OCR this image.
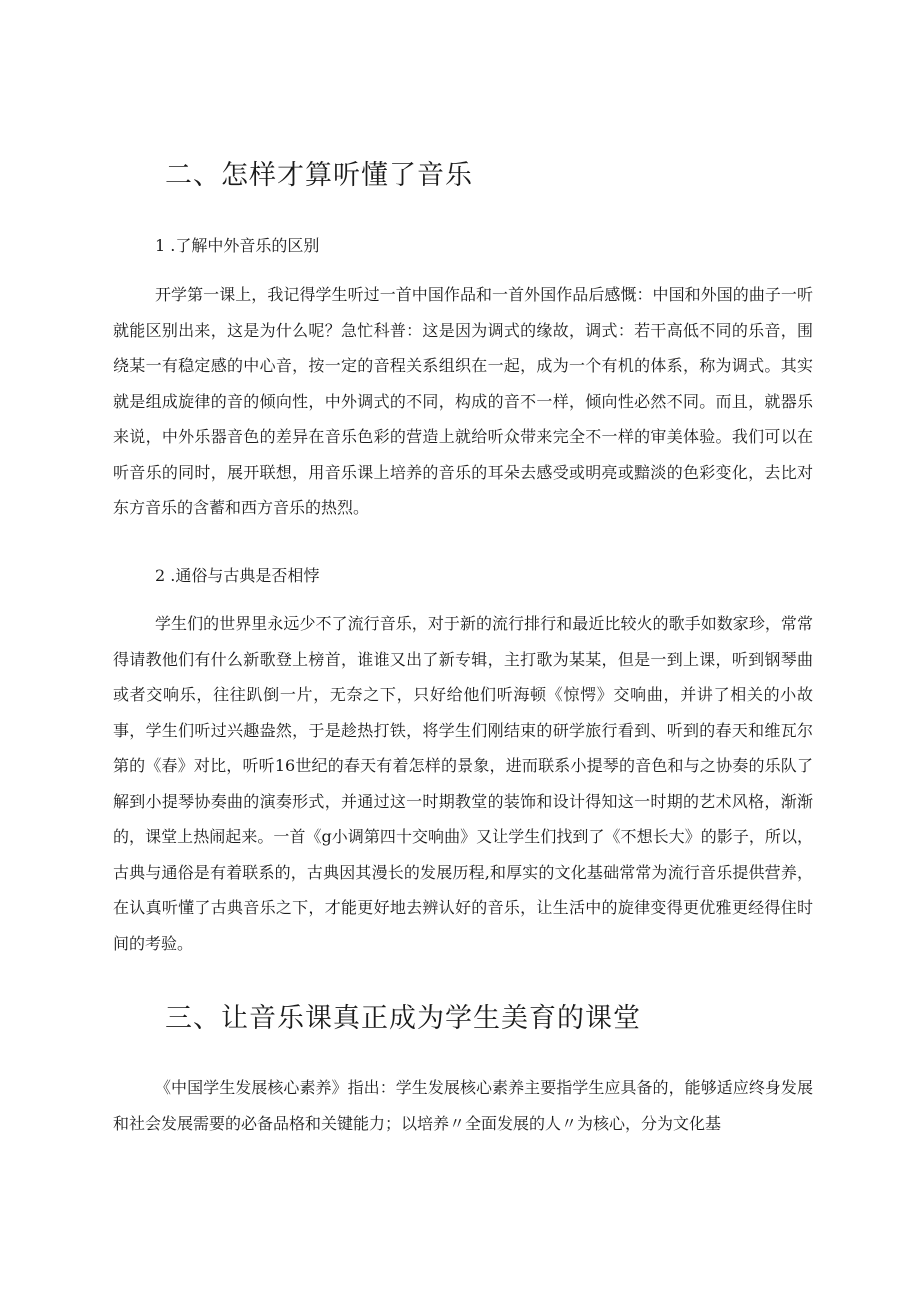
二、怎样才算听懂了音乐
1 .了解中外音乐的区别

开学第一课上，我记得学生听过一首中国作品和一首外国作品后感慨：中国和外国的曲子一听就能区别出来，这是为什么呢？急忙科普：这是因为调式的缘故，调式：若干高低不同的乐音，围绕某一有稳定感的中心音，按一定的音程关系组织在一起，成为一个有机的体系，称为调式。其实就是组成旋律的音的倾向性，中外调式的不同，构成的音不一样，倾向性必然不同。而且，就器乐来说，中外乐器音色的差异在音乐色彩的营造上就给听众带来完全不一样的审美体验。我们可以在听音乐的同时，展开联想，用音乐课上培养的音乐的耳朵去感受或明亮或黯淡的色彩变化，去比对东方音乐的含蓄和西方音乐的热烈。

2 .通俗与古典是否相悖

学生们的世界里永远少不了流行音乐，对于新的流行排行和最近比较火的歌手如数家珍，常常得请教他们有什么新歌登上榜首，谁谁又出了新专辑，主打歌为某某，但是一到上课，听到钢琴曲或者交响乐，往往趴倒一片，无奈之下，只好给他们听海顿《惊愕》交响曲，并讲了相关的小故事，学生们听过兴趣盎然，于是趁热打铁，将学生们刚结束的研学旅行看到、听到的春天和维瓦尔第的《春》对比，听听16世纪的春天有着怎样的景象，进而联系小提琴的音色和与之协奏的乐队了解到小提琴协奏曲的演奏形式，并通过这一时期教堂的装饰和设计得知这一时期的艺术风格，渐渐的，课堂上热闹起来。一首《g小调第四十交响曲》又让学生们找到了《不想长大》的影子，所以，古典与通俗是有着联系的，古典因其漫长的发展历程,和厚实的文化基础常常为流行音乐提供营养，在认真听懂了古典音乐之下，才能更好地去辨认好的音乐，让生活中的旋律变得更优雅更经得住时间的考验。

三、让音乐课真正成为学生美育的课堂

《中国学生发展核心素养》指出：学生发展核心素养主要指学生应具备的，能够适应终身发展和社会发展需要的必备品格和关键能力；以培养〃全面发展的人〃为核心，分为文化基
